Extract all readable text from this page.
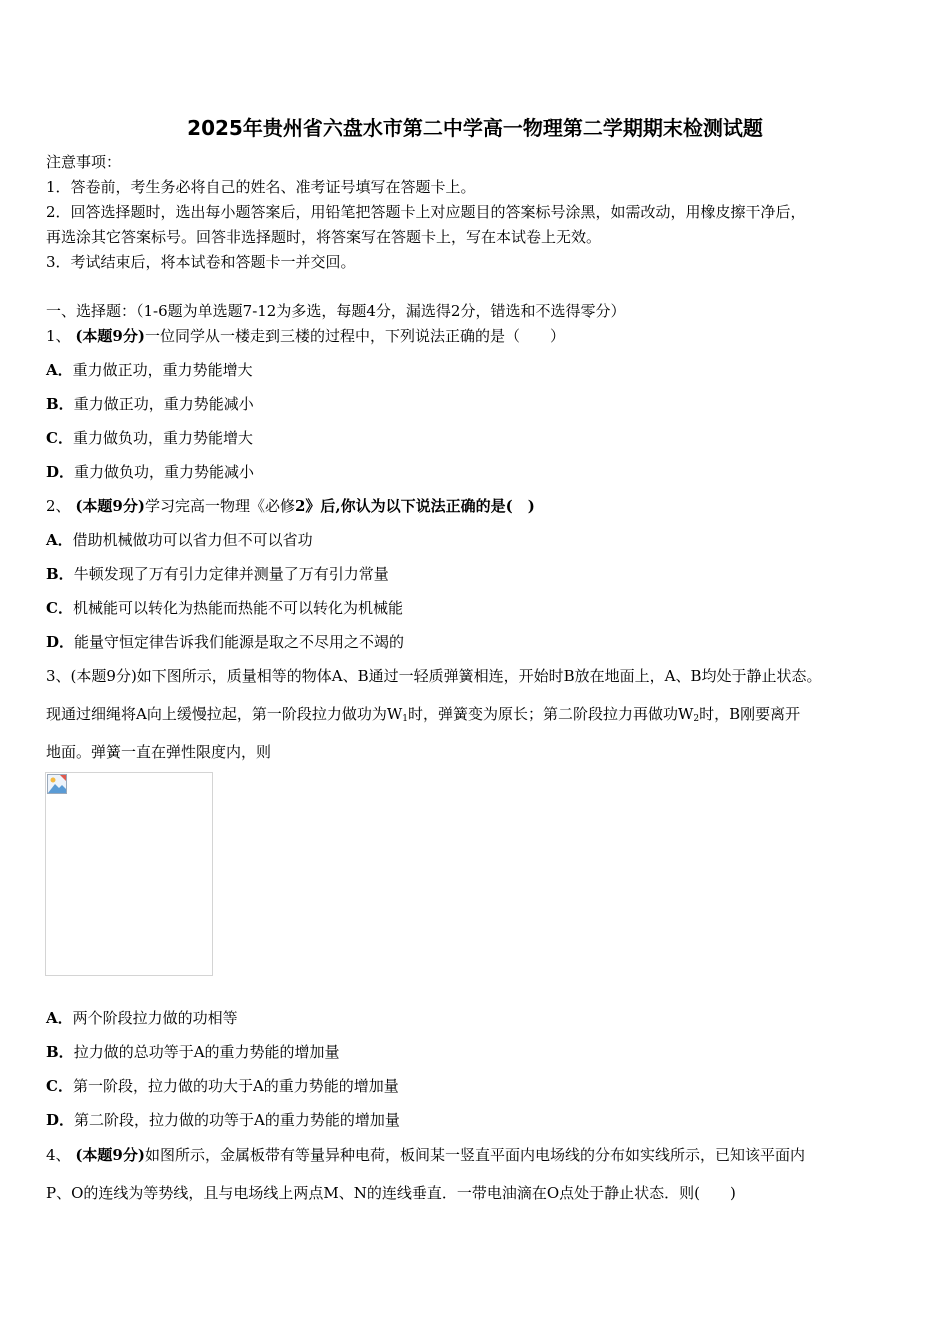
2025年贵州省六盘水市第二中学高一物理第二学期期末检测试题
注意事项：
1．答卷前，考生务必将自己的姓名、准考证号填写在答题卡上。
2．回答选择题时，选出每小题答案后，用铅笔把答题卡上对应题目的答案标号涂黑，如需改动，用橡皮擦干净后，
再选涂其它答案标号。回答非选择题时，将答案写在答题卡上，写在本试卷上无效。
3．考试结束后，将本试卷和答题卡一并交回。
一、选择题：（1-6题为单选题7-12为多选，每题4分，漏选得2分，错选和不选得零分）
1、 (本题9分)一位同学从一楼走到三楼的过程中，下列说法正确的是（　　）
A．重力做正功，重力势能增大
B．重力做正功，重力势能减小
C．重力做负功，重力势能增大
D．重力做负功，重力势能减小
2、 (本题9分)学习完高一物理《必修2》后,你认为以下说法正确的是(　)
A．借助机械做功可以省力但不可以省功
B．牛顿发现了万有引力定律并测量了万有引力常量
C．机械能可以转化为热能而热能不可以转化为机械能
D．能量守恒定律告诉我们能源是取之不尽用之不竭的
3、(本题9分)如下图所示，质量相等的物体A、B通过一轻质弹簧相连，开始时B放在地面上，A、B均处于静止状态。
现通过细绳将A向上缓慢拉起，第一阶段拉力做功为$W_1$时，弹簧变为原长；第二阶段拉力再做功$W_2$时，B刚要离开
地面。弹簧一直在弹性限度内，则
A．两个阶段拉力做的功相等
B．拉力做的总功等于A的重力势能的增加量
C．第一阶段，拉力做的功大于A的重力势能的增加量
D．第二阶段，拉力做的功等于A的重力势能的增加量
4、 (本题9分)如图所示，金属板带有等量异种电荷，板间某一竖直平面内电场线的分布如实线所示，已知该平面内
P、O的连线为等势线，且与电场线上两点M、N的连线垂直．一带电油滴在O点处于静止状态．则(　　)
